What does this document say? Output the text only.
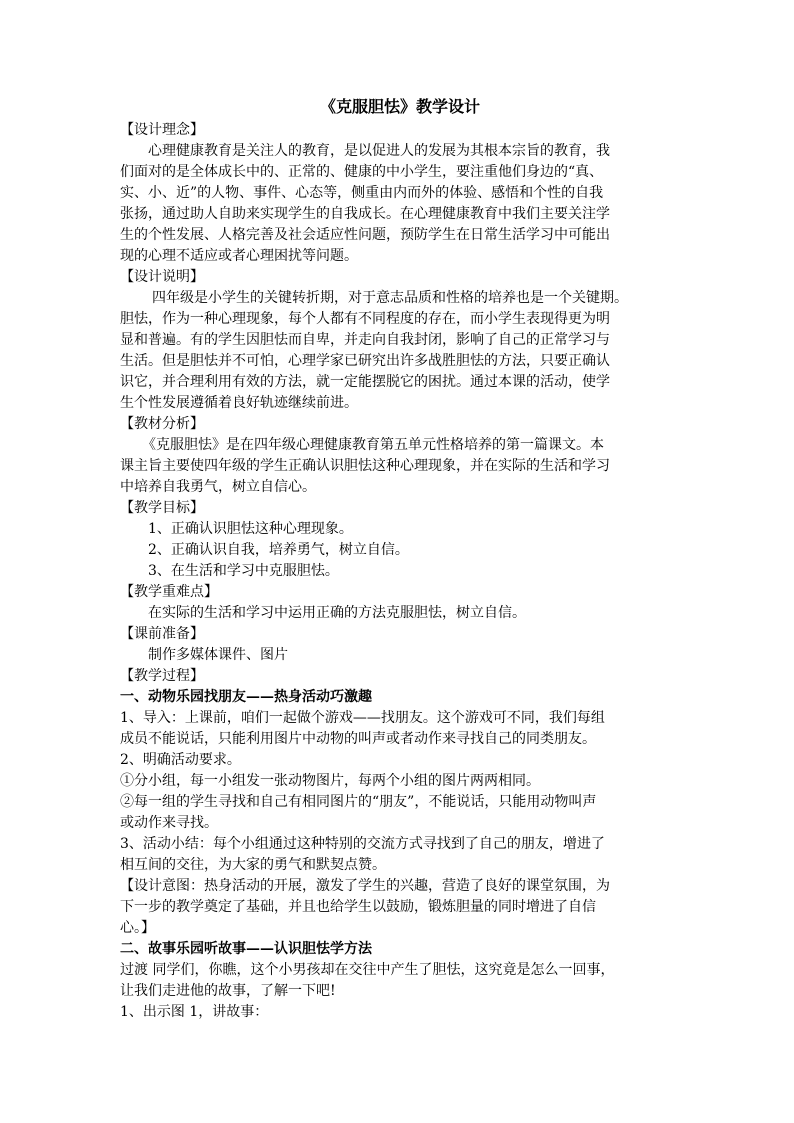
《克服胆怯》教学设计
【设计理念】
心理健康教育是关注人的教育，是以促进人的发展为其根本宗旨的教育，我
们面对的是全体成长中的、正常的、健康的中小学生，要注重他们身边的“真、
实、小、近”的人物、事件、心态等，侧重由内而外的体验、感悟和个性的自我
张扬，通过助人自助来实现学生的自我成长。在心理健康教育中我们主要关注学
生的个性发展、人格完善及社会适应性问题，预防学生在日常生活学习中可能出
现的心理不适应或者心理困扰等问题。
【设计说明】
四年级是小学生的关键转折期，对于意志品质和性格的培养也是一个关键期。
胆怯，作为一种心理现象，每个人都有不同程度的存在，而小学生表现得更为明
显和普遍。有的学生因胆怯而自卑，并走向自我封闭，影响了自己的正常学习与
生活。但是胆怯并不可怕，心理学家已研究出许多战胜胆怯的方法，只要正确认
识它，并合理利用有效的方法，就一定能摆脱它的困扰。通过本课的活动，使学
生个性发展遵循着良好轨迹继续前进。
【教材分析】
《克服胆怯》是在四年级心理健康教育第五单元性格培养的第一篇课文。本
课主旨主要使四年级的学生正确认识胆怯这种心理现象，并在实际的生活和学习
中培养自我勇气，树立自信心。
【教学目标】
1、正确认识胆怯这种心理现象。
2、正确认识自我，培养勇气，树立自信。
3、在生活和学习中克服胆怯。
【教学重难点】
在实际的生活和学习中运用正确的方法克服胆怯，树立自信。
【课前准备】
制作多媒体课件、图片
【教学过程】
一、动物乐园找朋友——热身活动巧激趣
1、导入：上课前，咱们一起做个游戏——找朋友。这个游戏可不同，我们每组
成员不能说话，只能利用图片中动物的叫声或者动作来寻找自己的同类朋友。
2、明确活动要求。
①分小组，每一小组发一张动物图片，每两个小组的图片两两相同。
②每一组的学生寻找和自己有相同图片的“朋友”，不能说话，只能用动物叫声
或动作来寻找。
3、活动小结：每个小组通过这种特别的交流方式寻找到了自己的朋友，增进了
相互间的交往，为大家的勇气和默契点赞。
【设计意图：热身活动的开展，激发了学生的兴趣，营造了良好的课堂氛围，为
下一步的教学奠定了基础，并且也给学生以鼓励，锻炼胆量的同时增进了自信
心。】
二、故事乐园听故事——认识胆怯学方法
过渡 同学们，你瞧，这个小男孩却在交往中产生了胆怯，这究竟是怎么一回事，
让我们走进他的故事，了解一下吧!
1、出示图 1，讲故事：
